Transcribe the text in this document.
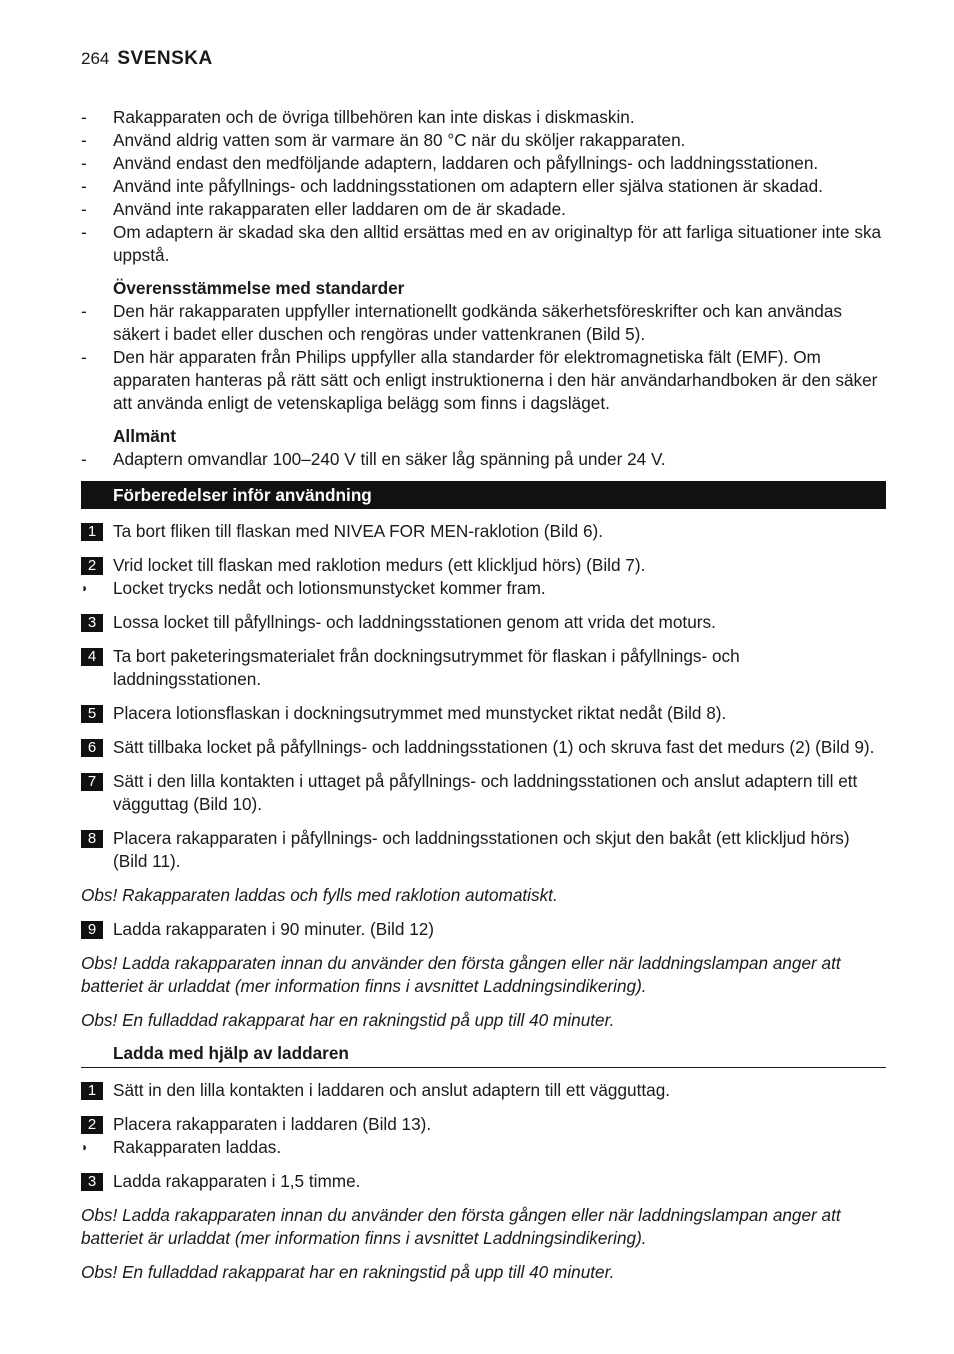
264 SVENSKA
-	Rakapparaten och de övriga tillbehören kan inte diskas i diskmaskin.
-	Använd aldrig vatten som är varmare än 80 °C när du sköljer rakapparaten.
-	Använd endast den medföljande adaptern, laddaren och påfyllnings- och laddningsstationen.
-	Använd inte påfyllnings- och laddningsstationen om adaptern eller själva stationen är skadad.
-	Använd inte rakapparaten eller laddaren om de är skadade.
-	Om adaptern är skadad ska den alltid ersättas med en av originaltyp för att farliga situationer inte ska uppstå.
Överensstämmelse med standarder
-	Den här rakapparaten uppfyller internationellt godkända säkerhetsföreskrifter och kan användas säkert i badet eller duschen och rengöras under vattenkranen (Bild 5).
-	Den här apparaten från Philips uppfyller alla standarder för elektromagnetiska fält (EMF). Om apparaten hanteras på rätt sätt och enligt instruktionerna i den här användarhandboken är den säker att använda enligt de vetenskapliga belägg som finns i dagsläget.
Allmänt
-	Adaptern omvandlar 100–240 V till en säker låg spänning på under 24 V.
Förberedelser inför användning
1 Ta bort fliken till flaskan med NIVEA FOR MEN-raklotion (Bild 6).
2 Vrid locket till flaskan med raklotion medurs (ett klickljud hörs) (Bild 7).
◗	Locket trycks nedåt och lotionsmunstycket kommer fram.
3 Lossa locket till påfyllnings- och laddningsstationen genom att vrida det moturs.
4 Ta bort paketeringsmaterialet från dockningsutrymmet för flaskan i påfyllnings- och laddningsstationen.
5 Placera lotionsflaskan i dockningsutrymmet med munstycket riktat nedåt (Bild 8).
6 Sätt tillbaka locket på påfyllnings- och laddningsstationen (1) och skruva fast det medurs (2) (Bild 9).
7 Sätt i den lilla kontakten i uttaget på påfyllnings- och laddningsstationen och anslut adaptern till ett vägguttag (Bild 10).
8 Placera rakapparaten i påfyllnings- och laddningsstationen och skjut den bakåt (ett klickljud hörs) (Bild 11).
Obs! Rakapparaten laddas och fylls med raklotion automatiskt.
9 Ladda rakapparaten i 90 minuter. (Bild 12)
Obs! Ladda rakapparaten innan du använder den första gången eller när laddningslampan anger att batteriet är urladdat (mer information finns i avsnittet Laddningsindikering).
Obs! En fulladdad rakapparat har en rakningstid på upp till 40 minuter.
Ladda med hjälp av laddaren
1 Sätt in den lilla kontakten i laddaren och anslut adaptern till ett vägguttag.
2 Placera rakapparaten i laddaren (Bild 13).
◗	Rakapparaten laddas.
3 Ladda rakapparaten i 1,5 timme.
Obs! Ladda rakapparaten innan du använder den första gången eller när laddningslampan anger att batteriet är urladdat (mer information finns i avsnittet Laddningsindikering).
Obs! En fulladdad rakapparat har en rakningstid på upp till 40 minuter.
